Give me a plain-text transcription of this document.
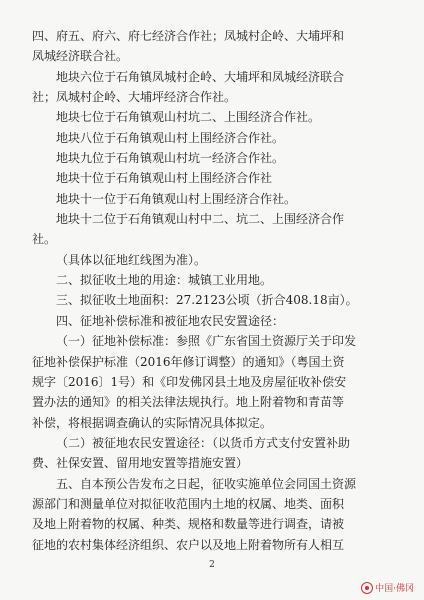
四、府五、府六、府七经济合作社；凤城村企岭、大埔坪和
凤城经济联合社。
地块六位于石角镇凤城村企岭、大埔坪和凤城经济联合
社；凤城村企岭、大埔坪经济合作社。
地块七位于石角镇观山村坑二、上围经济合作社。
地块八位于石角镇观山村上围经济合作社。
地块九位于石角镇观山村坑一经济合作社。
地块十位于石角镇观山村上围经济合作社
地块十一位于石角镇观山村上围经济合作社。
地块十二位于石角镇观山村中二、坑二、上围经济合作
社。
（具体以征地红线图为准）。
二、拟征收土地的用途：城镇工业用地。
三、拟征收土地面积：27.2123公顷（折合408.18亩）。
四、征地补偿标准和被征地农民安置途径：
（一）征地补偿标准：参照《广东省国土资源厅关于印发
征地补偿保护标准（2016年修订调整）的通知》（粤国土资
规字〔2016〕1号）和《印发佛冈县土地及房屋征收补偿安
置办法的通知》的相关法律法规执行。地上附着物和青苗等
补偿，将根据调查确认的实际情况具体拟定。
（二）被征地农民安置途径：（以货币方式支付安置补助
费、社保安置、留用地安置等措施安置）
五、自本预公告发布之日起，征收实施单位会同国土资源
源部门和测量单位对拟征收范围内土地的权属、地类、面积
及地上附着物的权属、种类、规格和数量等进行调查，请被
征地的农村集体经济组织、农户以及地上附着物所有人相互
2
中国·佛冈
